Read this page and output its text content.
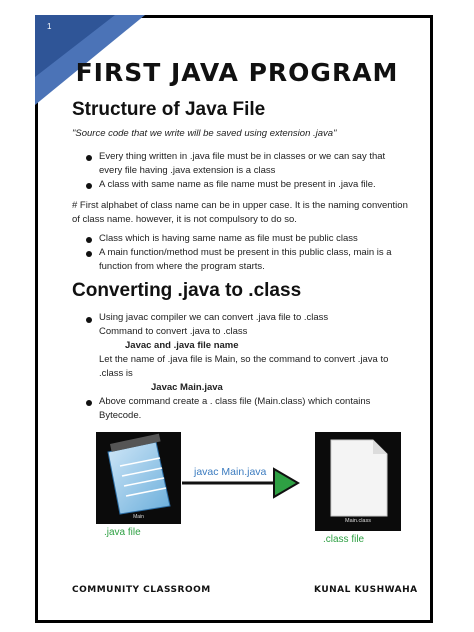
1
FIRST JAVA PROGRAM
Structure of Java File
"Source code that we write will be saved using extension .java"
Every thing written in .java file must be in classes or we can say that
every file having .java extension is a class
A class with same name as file name must be present in .java file.
# First alphabet of class name can be in upper case. It is the naming convention
of class name. however, it is not compulsory to do so.
Class which is having same name as file must be public class
A main function/method must be present in this public class, main is a
function from where the program starts.
Converting .java to .class
Using javac compiler we can convert .java file to .class
Command to convert .java to .class
Javac and .java file name
Let the name of .java file is Main, so the command to convert .java to
.class is
Javac Main.java
Above command create a . class file (Main.class) which contains
Bytecode.
Main
.java file
javac Main.java
Main.class
.class file
COMMUNITY CLASSROOM	KUNAL KUSHWAHA
